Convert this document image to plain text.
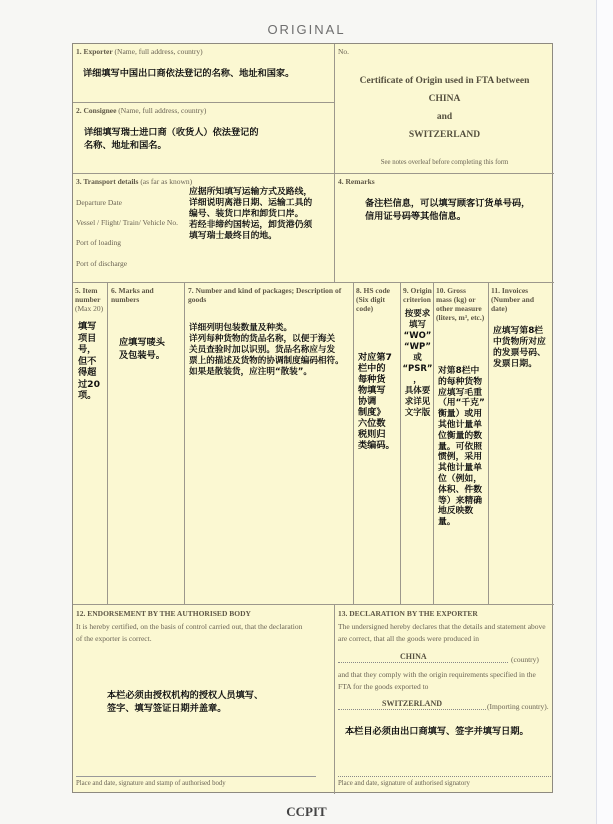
ORIGINAL
1. Exporter (Name, full address, country)
详细填写中国出口商依法登记的名称、地址和国家。
2. Consignee (Name, full address, country)
详细填写瑞士进口商（收货人）依法登记的
名称、地址和国名。
No.
Certificate of Origin used in FTA between
CHINA
and
SWITZERLAND
See notes overleaf before completing this form
3. Transport details (as far as known)
Departure Date
Vessel / Flight/ Train/ Vehicle No.
Port of loading
Port of discharge
应据所知填写运输方式及路线，
详细说明离港日期、运输工具的
编号、装货口岸和卸货口岸。
若经非缔约国转运，卸货港仍须
填写瑞士最终目的地。
4. Remarks
备注栏信息，可以填写顾客订货单号码，
信用证号码等其他信息。
5. Item
number
(Max 20)
填写
项目
号，
但不
得超
过20
项。
6. Marks and
numbers
应填写唛头
及包装号。
7. Number and kind of packages; Description of
goods
详细列明包装数量及种类。
详列每种货物的货品名称，以便于海关
关员查验时加以识别。货品名称应与发
票上的描述及货物的协调制度编码相符。
如果是散装货，应注明“散装”。
8. HS code
(Six digit
code)
对应第7
栏中的
每种货
物填写
协调
制度》
六位数
税则归
类编码。
9. Origin
criterion
按要求
填写
“WO”
“WP”
或
“PSR”
，
具体要
求详见
文字版
10. Gross
mass (kg) or
other measure
(liters, m³, etc.)
对第8栏中
的每种货物
应填写毛重
（用“千克”
衡量）或用
其他计量单
位衡量的数
量。可依照
惯例，采用
其他计量单
位（例如，
体积、件数
等）来精确
地反映数量。
11. Invoices
(Number and
date)
应填写第8栏
中货物所对应
的发票号码、
发票日期。
12. ENDORSEMENT BY THE AUTHORISED BODY
It is hereby certified, on the basis of control carried out, that the declaration
of the exporter is correct.
本栏必须由授权机构的授权人员填写、
签字、填写签证日期并盖章。
Place and date, signature and stamp of authorised body
13. DECLARATION BY THE EXPORTER
The undersigned hereby declares that the details and statement above
are correct, that all the goods were produced in
CHINA	(country)
and that they comply with the origin requirements specified in the
FTA for the goods exported to
SWITZERLAND	(Importing country).
本栏目必须由出口商填写、签字并填写日期。
Place and date, signature of authorised signatory
CCPIT
